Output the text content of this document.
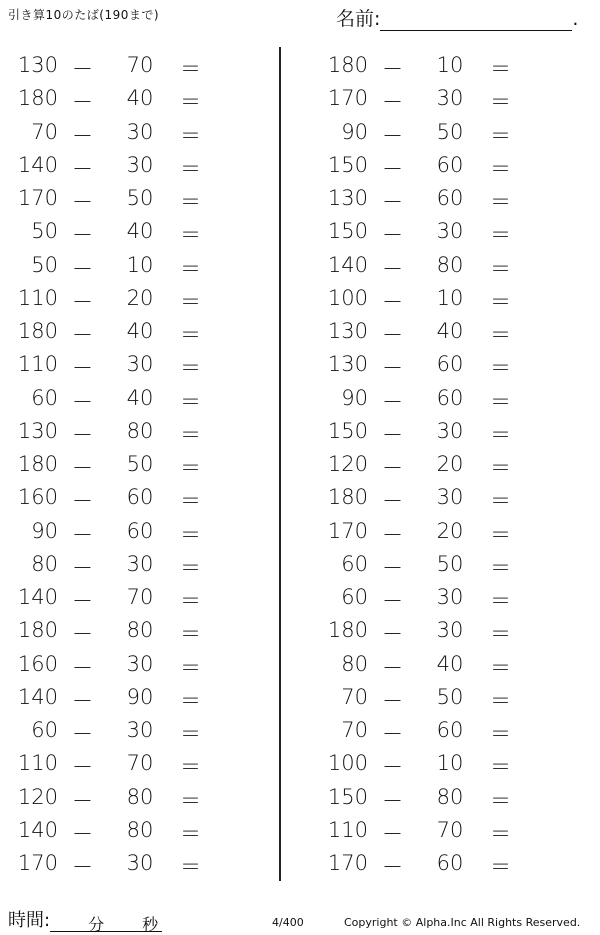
引き算10のたば(190まで)	名前:	.
130 －	70	＝
180 －	40	＝
70 －	30	＝
140 －	30	＝
170 －	50	＝
50 －	40	＝
50 －	10	＝
110 －	20	＝
180 －	40	＝
110 －	30	＝
60 －	40	＝
130 －	80	＝
180 －	50	＝
160 －	60	＝
90 －	60	＝
80 －	30	＝
140 －	70	＝
180 －	80	＝
160 －	30	＝
140 －	90	＝
60 －	30	＝
110 －	70	＝
120 －	80	＝
140 －	80	＝
170 －	30	＝
180 －	10	＝
170 －	30	＝
90 －	50	＝
150 －	60	＝
130 －	60	＝
150 －	30	＝
140 －	80	＝
100 －	10	＝
130 －	40	＝
130 －	60	＝
90 －	60	＝
150 －	30	＝
120 －	20	＝
180 －	30	＝
170 －	20	＝
60 －	50	＝
60 －	30	＝
180 －	30	＝
80 －	40	＝
70 －	50	＝
70 －	60	＝
100 －	10	＝
150 －	80	＝
110 －	70	＝
170 －	60	＝
時間: 分 秒	4/400	Copyright © Alpha.Inc All Rights Reserved.
